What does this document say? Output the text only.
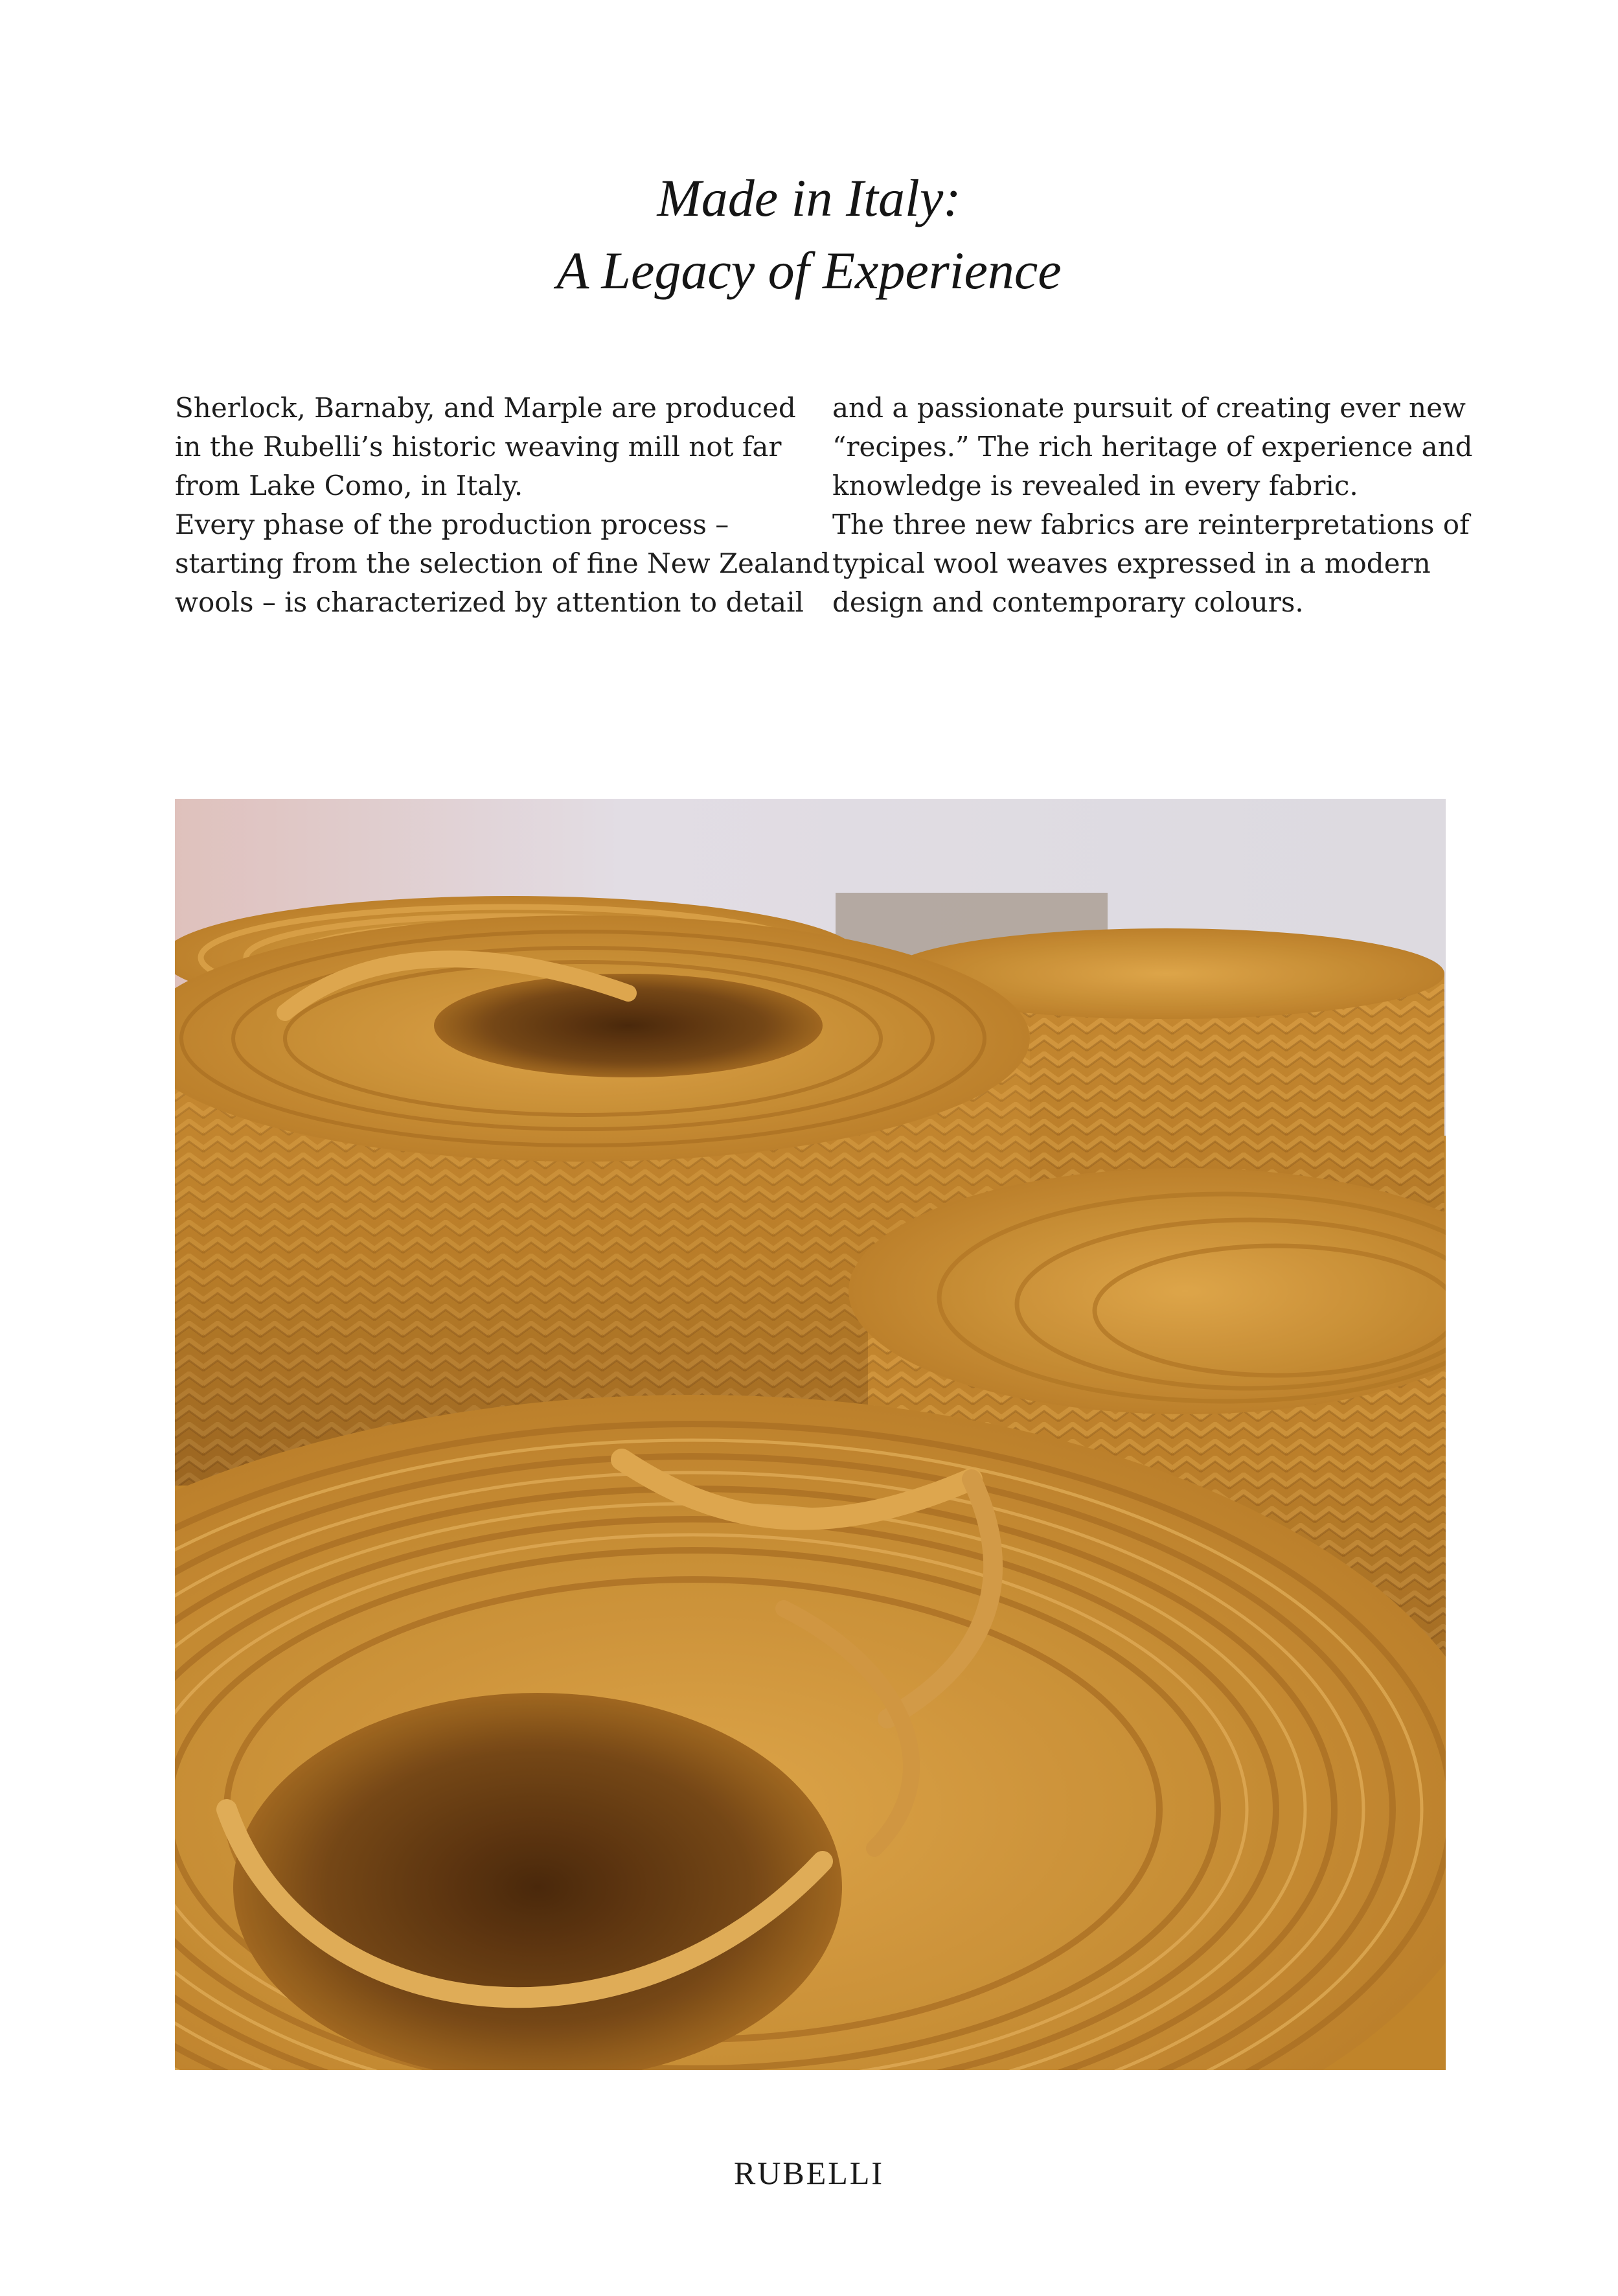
Made in Italy:
A Legacy of Experience
Sherlock, Barnaby, and Marple are produced
in the Rubelli’s historic weaving mill not far
from Lake Como, in Italy.
Every phase of the production process –
starting from the selection of fine New Zealand
wools – is characterized by attention to detail
and a passionate pursuit of creating ever new
“recipes.” The rich heritage of experience and
knowledge is revealed in every fabric.
The three new fabrics are reinterpretations of
typical wool weaves expressed in a modern
design and contemporary colours.
RUBELLI
